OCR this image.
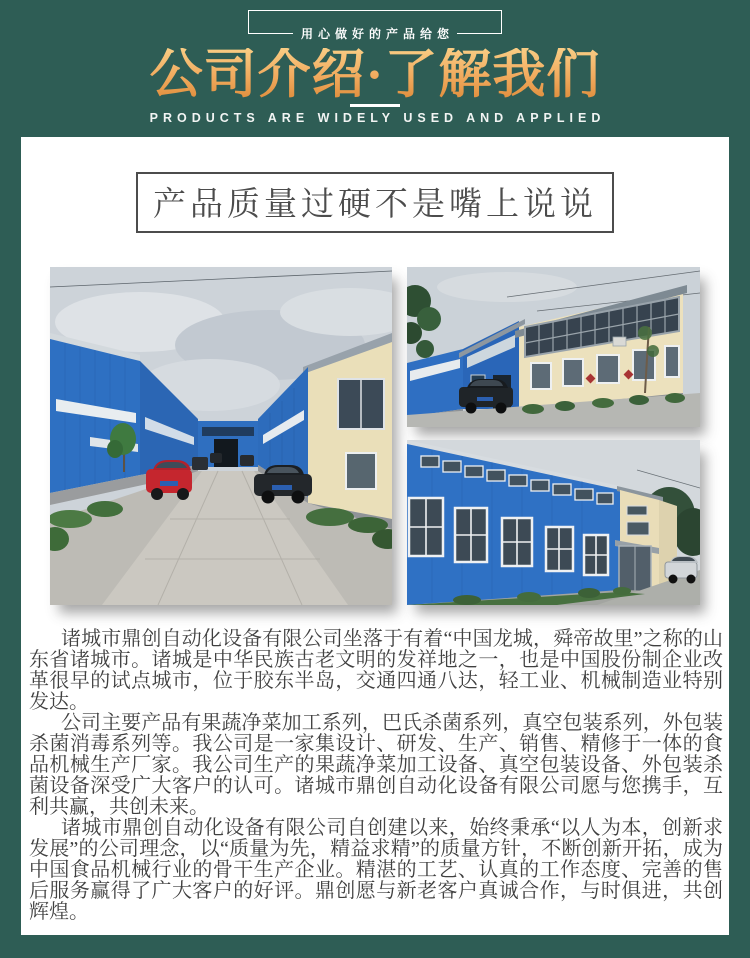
用心做好的产品给您
公司介绍·了解我们
PRODUCTS ARE WIDELY USED AND APPLIED
产品质量过硬不是嘴上说说

诸城市鼎创自动化设备有限公司坐落于有着“中国龙城，舜帝故里”之称的山东省诸城市。诸城是中华民族古老文明的发祥地之一，也是中国股份制企业改革很早的试点城市，位于胶东半岛，交通四通八达，轻工业、机械制造业特别发达。

公司主要产品有果蔬净菜加工系列，巴氏杀菌系列，真空包装系列，外包装杀菌消毒系列等。我公司是一家集设计、研发、生产、销售、精修于一体的食品机械生产厂家。我公司生产的果蔬净菜加工设备、真空包装设备、外包装杀菌设备深受广大客户的认可。诸城市鼎创自动化设备有限公司愿与您携手，互利共赢，共创未来。

诸城市鼎创自动化设备有限公司自创建以来，始终秉承“以人为本，创新求发展”的公司理念，以“质量为先，精益求精”的质量方针，不断创新开拓，成为中国食品机械行业的骨干生产企业。精湛的工艺、认真的工作态度、完善的售后服务赢得了广大客户的好评。鼎创愿与新老客户真诚合作，与时俱进，共创辉煌。
